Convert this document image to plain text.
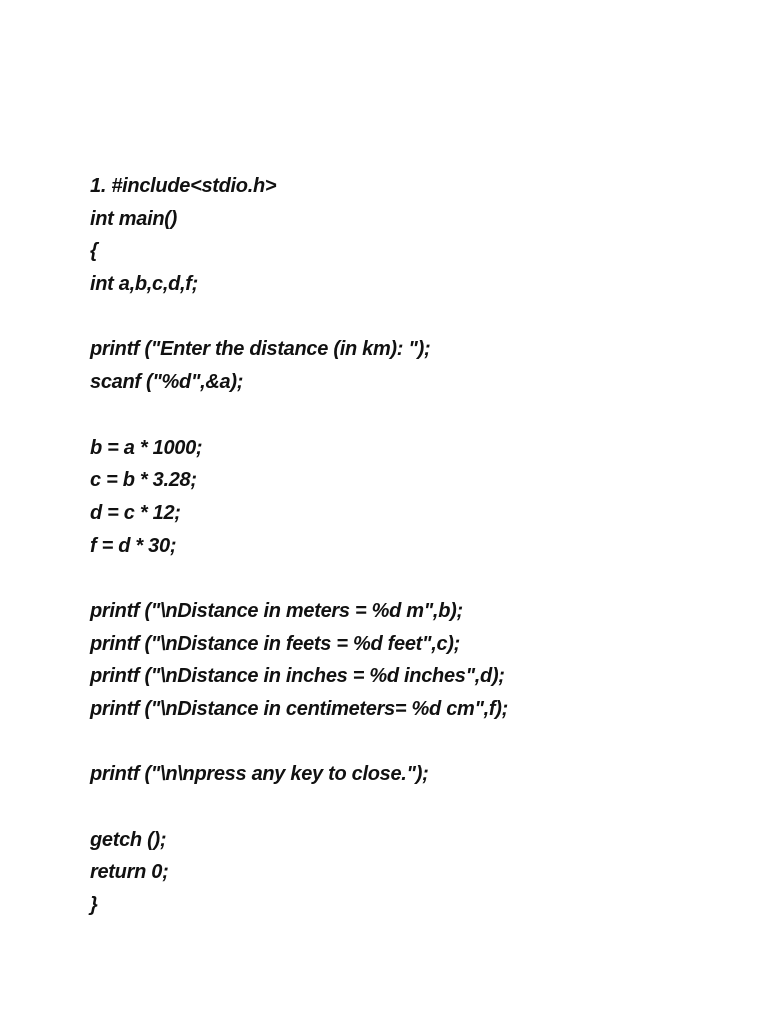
1. #include<stdio.h>
int main()
{
int a,b,c,d,f;
printf ("Enter the distance (in km): ");
scanf ("%d",&a);
b = a * 1000;
c = b * 3.28;
d = c * 12;
f = d * 30;
printf ("\nDistance in meters = %d m",b);
printf ("\nDistance in feets = %d feet",c);
printf ("\nDistance in inches = %d inches",d);
printf ("\nDistance in centimeters= %d cm",f);
printf ("\n\npress any key to close.");
getch ();
return 0;
}
